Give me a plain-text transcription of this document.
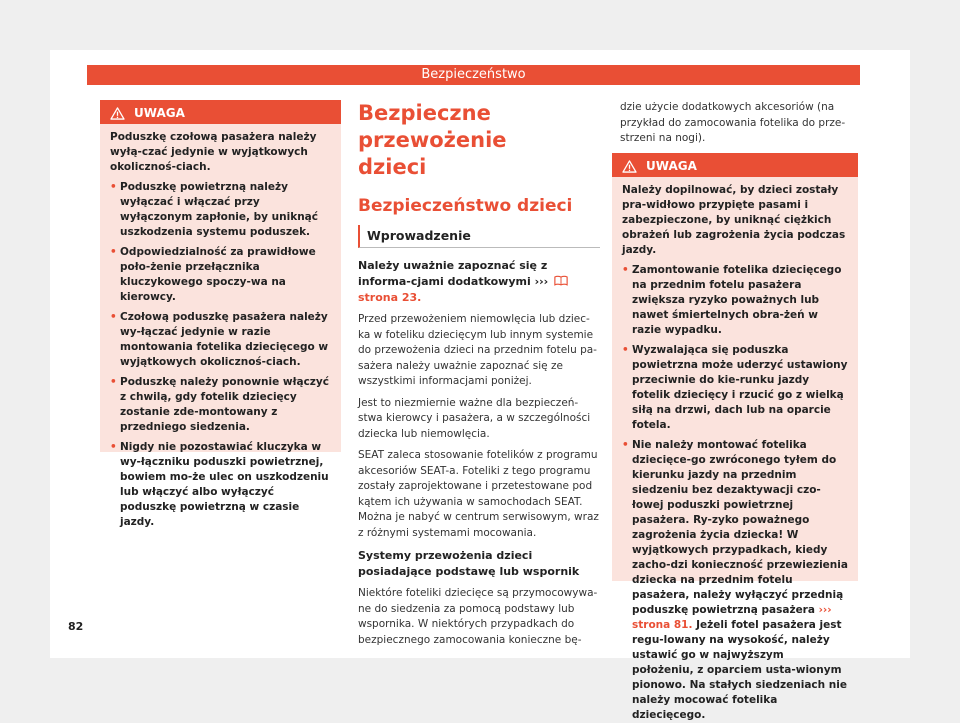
Bezpieczeństwo
UWAGA

Poduszkę czołową pasażera należy wyłą-czać jedynie w wyjątkowych okolicznoś-ciach.

• Poduszkę powietrzną należy wyłączać i włączać przy wyłączonym zapłonie, by uniknąć uszkodzenia systemu poduszek.
• Odpowiedzialność za prawidłowe poło-żenie przełącznika kluczykowego spoczy-wa na kierowcy.
• Czołową poduszkę pasażera należy wy-łączać jedynie w razie montowania fotelika dziecięcego w wyjątkowych okolicznoś-ciach.
• Poduszkę należy ponownie włączyć z chwilą, gdy fotelik dziecięcy zostanie zde-montowany z przedniego siedzenia.
• Nigdy nie pozostawiać kluczyka w wy-łączniku poduszki powietrznej, bowiem mo-że ulec on uszkodzeniu lub włączyć albo wyłączyć poduszkę powietrzną w czasie jazdy.
Bezpieczne przewożenie
dzieci
Bezpieczeństwo dzieci
Wprowadzenie

Należy uważnie zapoznać się z informa-cjami dodatkowymi ›››  strona 23.

Przed przewożeniem niemowlęcia lub dziec-ka w foteliku dziecięcym lub innym systemie do przewożenia dzieci na przednim fotelu pa-sażera należy uważnie zapoznać się ze wszystkimi informacjami poniżej.

Jest to niezmiernie ważne dla bezpieczeń-stwa kierowcy i pasażera, a w szczególności dziecka lub niemowlęcia.

SEAT zaleca stosowanie fotelików z programu akcesoriów SEAT-a. Foteliki z tego programu zostały zaprojektowane i przetestowane pod kątem ich używania w samochodach SEAT. Można je nabyć w centrum serwisowym, wraz z różnymi systemami mocowania.

Systemy przewożenia dzieci posiadające podstawę lub wspornik

Niektóre foteliki dziecięce są przymocowywa-ne do siedzenia za pomocą podstawy lub wspornika. W niektórych przypadkach do bezpiecznego zamocowania konieczne bę-

dzie użycie dodatkowych akcesoriów (na przykład do zamocowania fotelika do prze-strzeni na nogi).

UWAGA

Należy dopilnować, by dzieci zostały pra-widłowo przypięte pasami i zabezpieczone, by uniknąć ciężkich obrażeń lub zagrożenia życia podczas jazdy.

• Zamontowanie fotelika dziecięcego na przednim fotelu pasażera zwiększa ryzyko poważnych lub nawet śmiertelnych obra-żeń w razie wypadku.
• Wyzwalająca się poduszka powietrzna może uderzyć ustawiony przeciwnie do kie-runku jazdy fotelik dziecięcy i rzucić go z wielką siłą na drzwi, dach lub na oparcie fotela.
• Nie należy montować fotelika dziecięce-go zwróconego tyłem do kierunku jazdy na przednim siedzeniu bez dezaktywacji czo-łowej poduszki powietrznej pasażera. Ry-zyko poważnego zagrożenia życia dziecka! W wyjątkowych przypadkach, kiedy zacho-dzi konieczność przewiezienia dziecka na przednim fotelu pasażera, należy wyłączyć przednią poduszkę powietrzną pasażera ››› strona 81. Jeżeli fotel pasażera jest regu-lowany na wysokość, należy ustawić go w najwyższym położeniu, z oparciem usta-wionym pionowo. Na stałych siedzeniach nie należy mocować fotelika dziecięcego.
82
